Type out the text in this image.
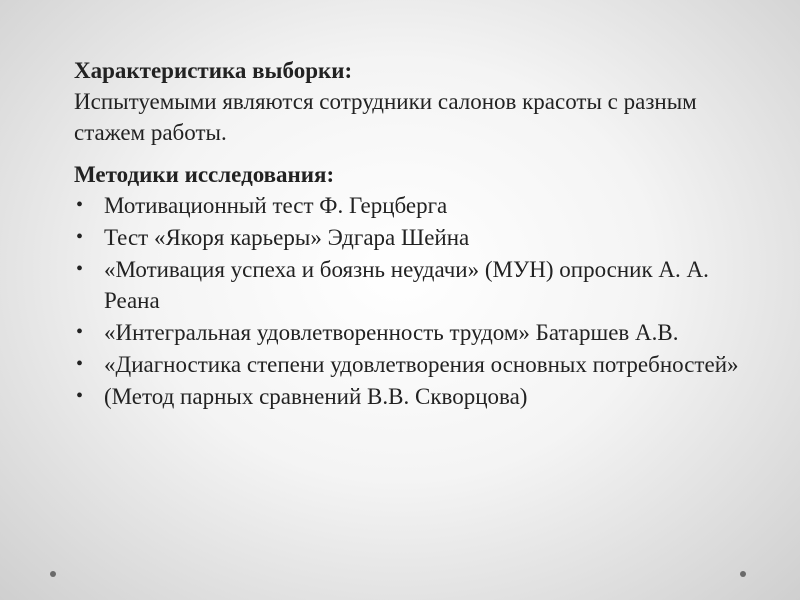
Характеристика выборки:

Испытуемыми являются сотрудники салонов красоты с разным стажем работы.

Методики исследования:

• Мотивационный тест Ф. Герцберга
• Тест «Якоря карьеры» Эдгара Шейна
• «Мотивация успеха и боязнь неудачи» (МУН) опросник А. А. Реана
• «Интегральная удовлетворенность трудом» Батаршев А.В.
• «Диагностика степени удовлетворения основных потребностей»
• (Метод парных сравнений В.В. Скворцова)
